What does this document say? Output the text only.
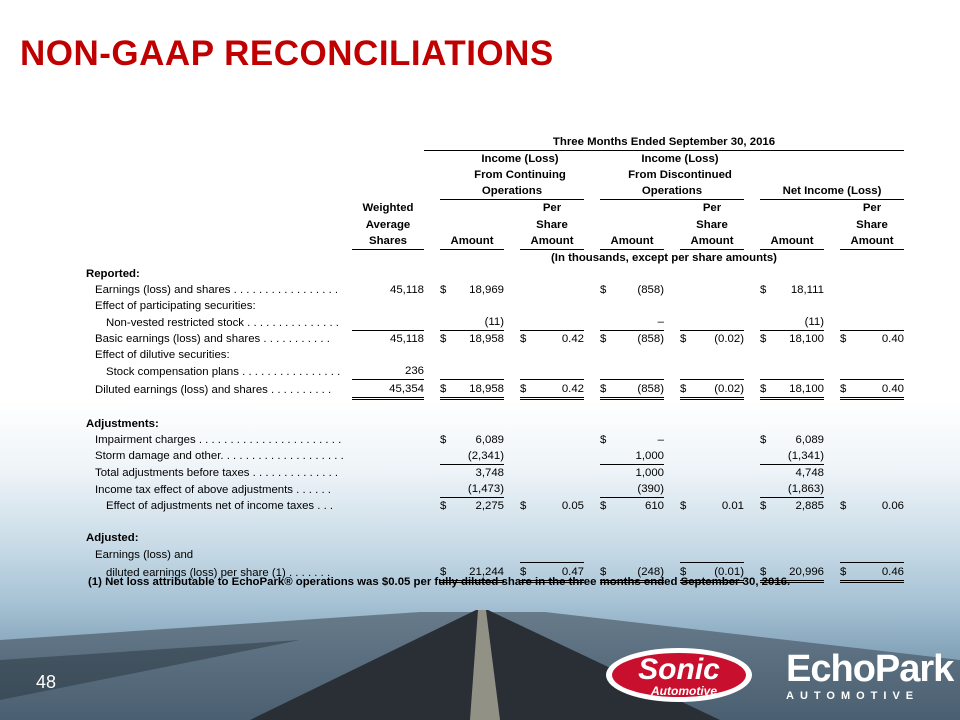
NON-GAAP RECONCILIATIONS
		Three Months Ended September 30, 2016											
			Income (Loss)				Income (Loss)						
			From Continuing				From Discontinued						
			Operations				Operations				Net Income (Loss)		
	Weighted				Per				Per				Per
	Average				Share				Share				Share
	Shares		Amount		Amount		Amount		Amount		Amount		Amount
		(In thousands, except per share amounts)											
Reported:													
Earnings (loss) and shares . . . . . . . . . . . . . . . . .	45,118		$ 18,969				$ (858)				$ 18,111		
Effect of participating securities:													
Non-vested restricted stock . . . . . . . . . . . . . . .			(11)				–				(11)		
Basic earnings (loss) and shares . . . . . . . . . . .	45,118		$ 18,958		$ 0.42		$ (858)		$ (0.02)		$ 18,100		$ 0.40
Effect of dilutive securities:													
Stock compensation plans . . . . . . . . . . . . . . . .	236												
Diluted earnings (loss) and shares . . . . . . . . . .	45,354		$ 18,958		$ 0.42		$ (858)		$ (0.02)		$ 18,100		$ 0.40

Adjustments:													
Impairment charges . . . . . . . . . . . . . . . . . . . . . . .			$ 6,089				$ –				$ 6,089		
Storm damage and other. . . . . . . . . . . . . . . . . . . .			(2,341)				1,000				(1,341)		
Total adjustments before taxes . . . . . . . . . . . . . .			3,748				1,000				4,748		
Income tax effect of above adjustments . . . . . .			(1,473)				(390)				(1,863)		
Effect of adjustments net of income taxes . . .			$ 2,275		$ 0.05		$ 610		$ 0.01		$ 2,885		$ 0.06

Adjusted:													
Earnings (loss) and													
diluted earnings (loss) per share (1) . . . . . . .			$ 21,244		$ 0.47		$ (248)		$ (0.01)		$ 20,996		$ 0.46

(1) Net loss attributable to EchoPark® operations was $0.05 per fully diluted share in the three months ended September 30, 2016.

48	Sonic
Automotive
EchoPark
AUTOMOTIVE
